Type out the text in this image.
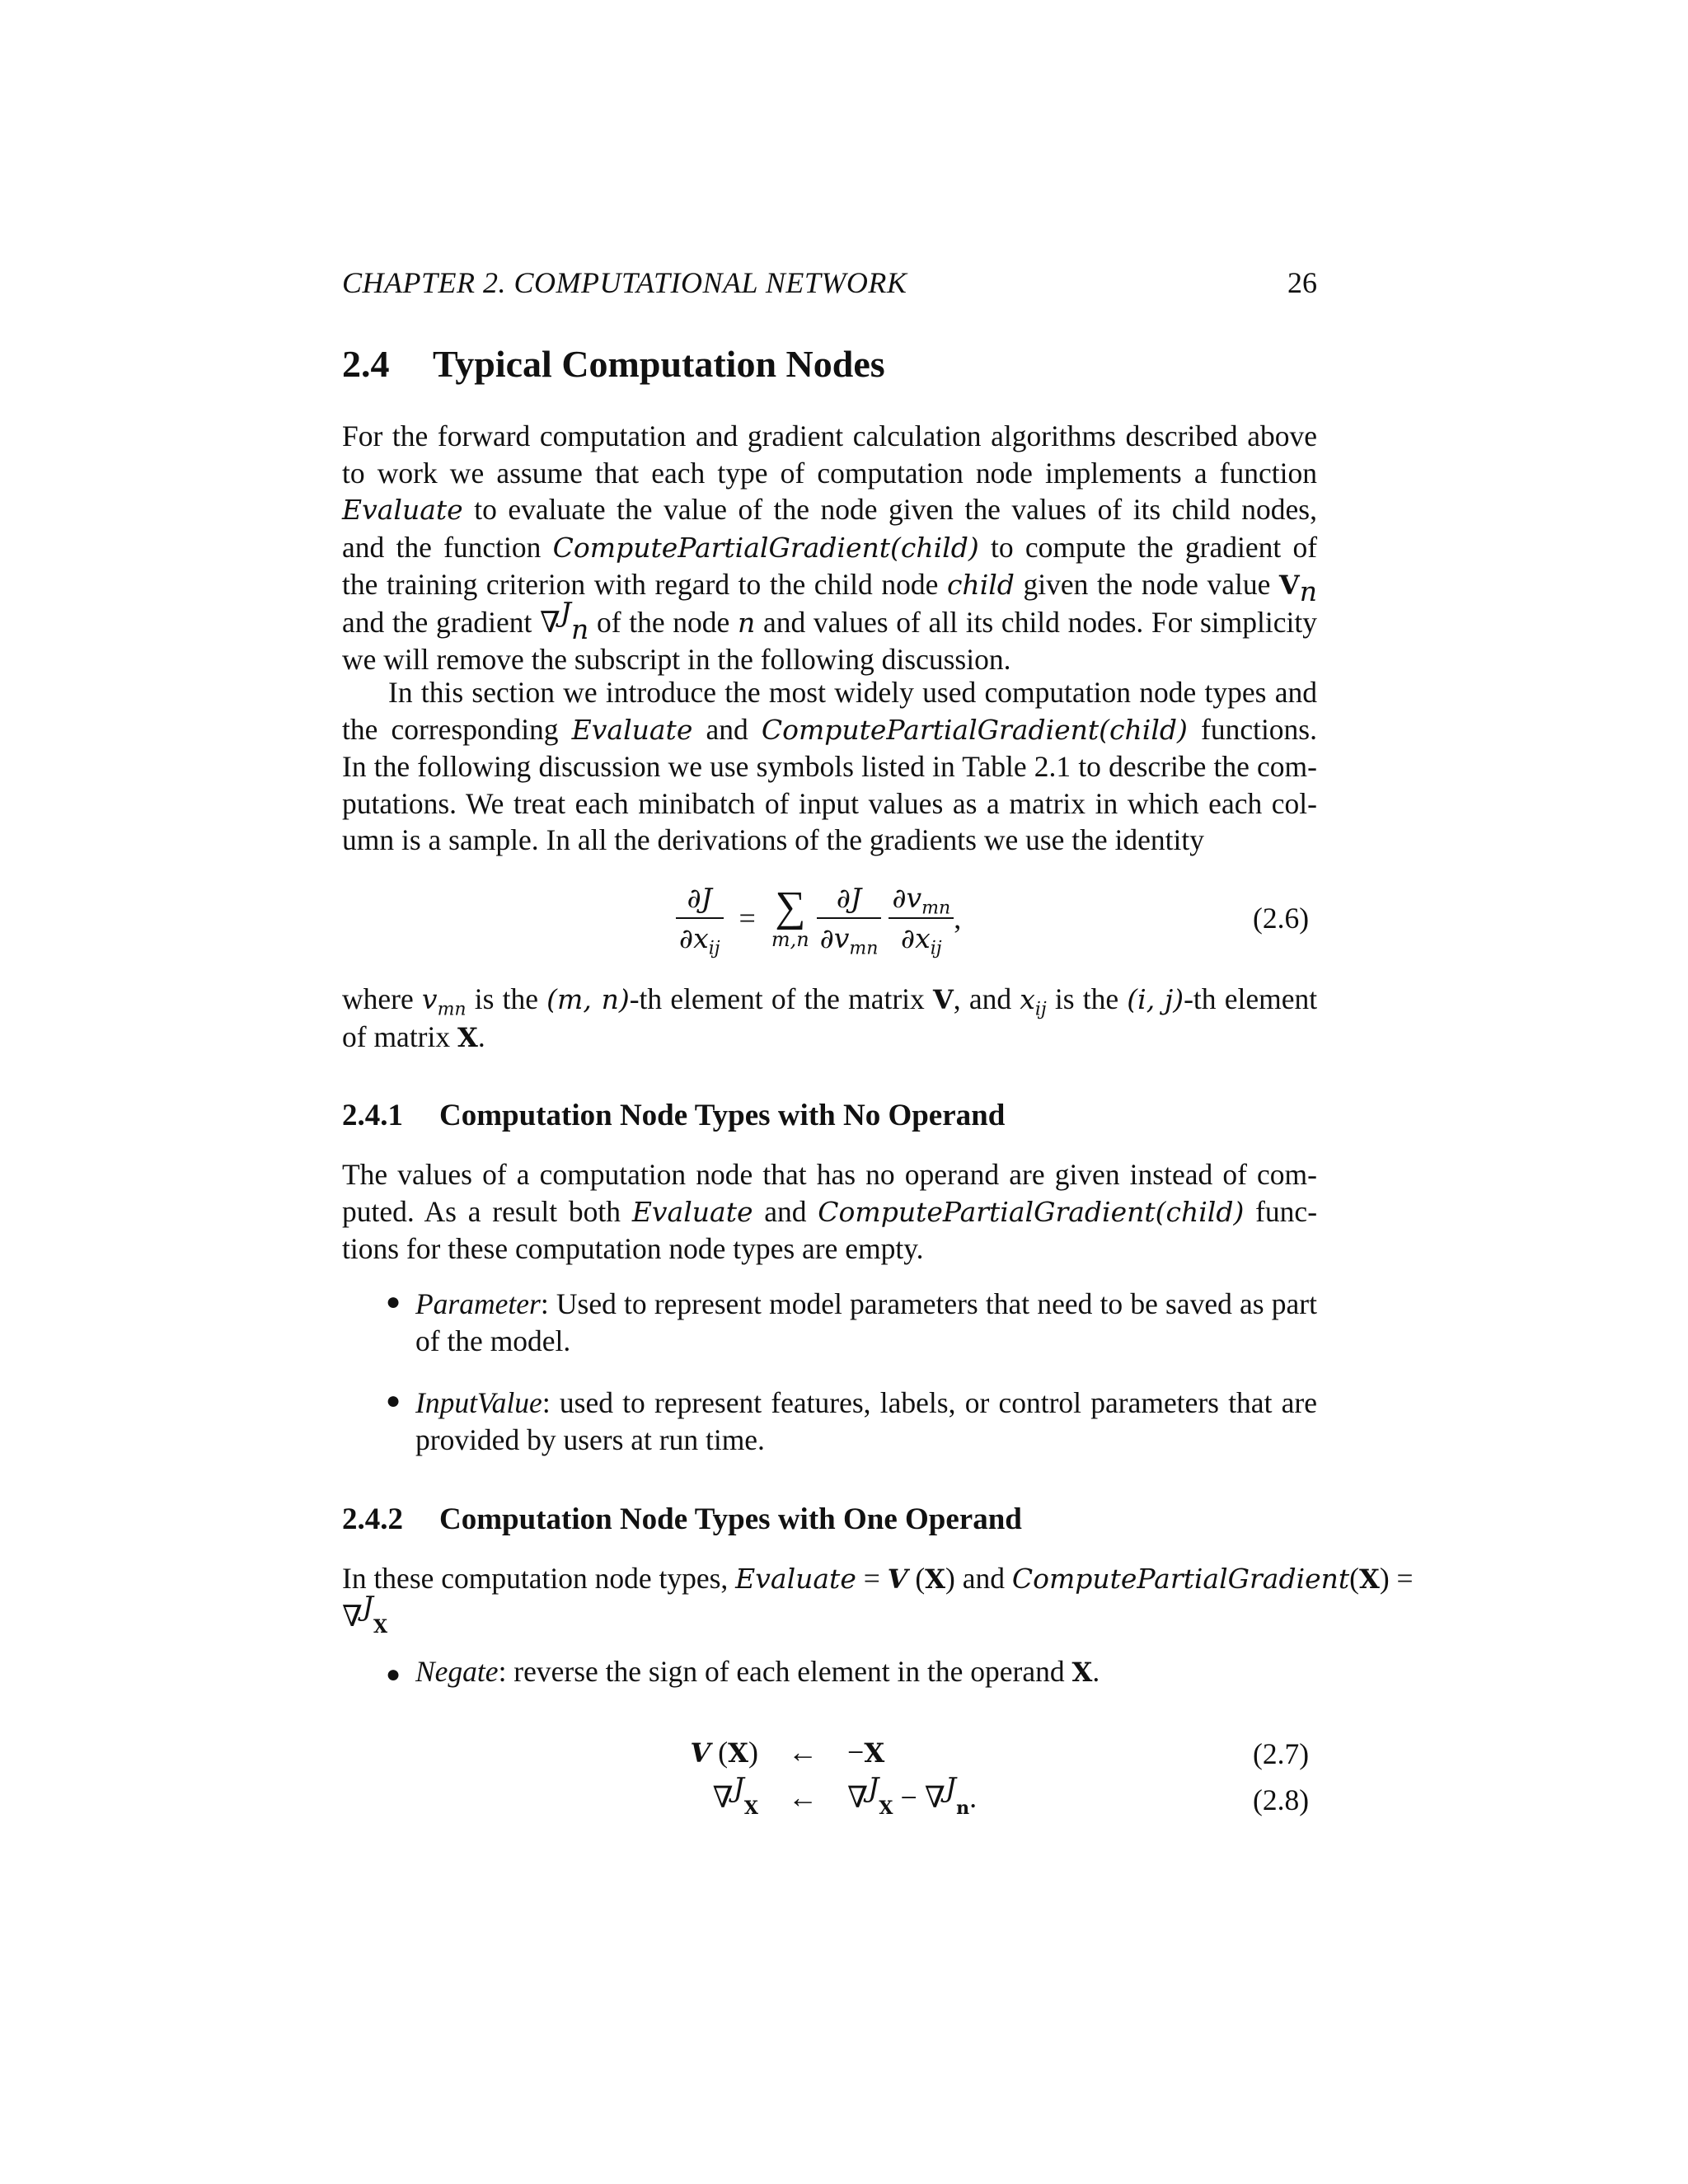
CHAPTER 2. COMPUTATIONAL NETWORK	26
2.4 Typical Computation Nodes
For the forward computation and gradient calculation algorithms described above
to work we assume that each type of computation node implements a function
Evaluate to evaluate the value of the node given the values of its child nodes,
and the function ComputePartialGradient(child) to compute the gradient of
the training criterion with regard to the child node child given the node value $V_n$
and the gradient ∇$^J_n$ of the node n and values of all its child nodes. For simplicity
we will remove the subscript in the following discussion.
In this section we introduce the most widely used computation node types and
the corresponding Evaluate and ComputePartialGradient(child) functions.
In the following discussion we use symbols listed in Table 2.1 to describe the com-
putations. We treat each minibatch of input values as a matrix in which each col-
umn is a sample. In all the derivations of the gradients we use the identity
$\frac{\partial J}{\partial x_{ij}}$ = ∑
m,n
$\frac{\partial J}{\partial v_{mn}}$
$\frac{\partial v_{mn}}{\partial x_{ij}}$ ,	(2.6)
where $v_{mn}$ is the (m, n)-th element of the matrix V, and $x_{ij}$ is the (i, j)-th element
of matrix X.
2.4.1 Computation Node Types with No Operand
The values of a computation node that has no operand are given instead of com-
puted. As a result both Evaluate and ComputePartialGradient(child) func-
tions for these computation node types are empty.
● Parameter: Used to represent model parameters that need to be saved as part
of the model.
● InputValue: used to represent features, labels, or control parameters that are
provided by users at run time.
2.4.2 Computation Node Types with One Operand
In these computation node types, Evaluate = V (X) and ComputePartialGradient(X) =
∇$^J_X$
● Negate: reverse the sign of each element in the operand X.
V (X) ← −X	(2.7)
∇$^J_X$ ← ∇$^J_X$ − ∇$^J_n$.	(2.8)
